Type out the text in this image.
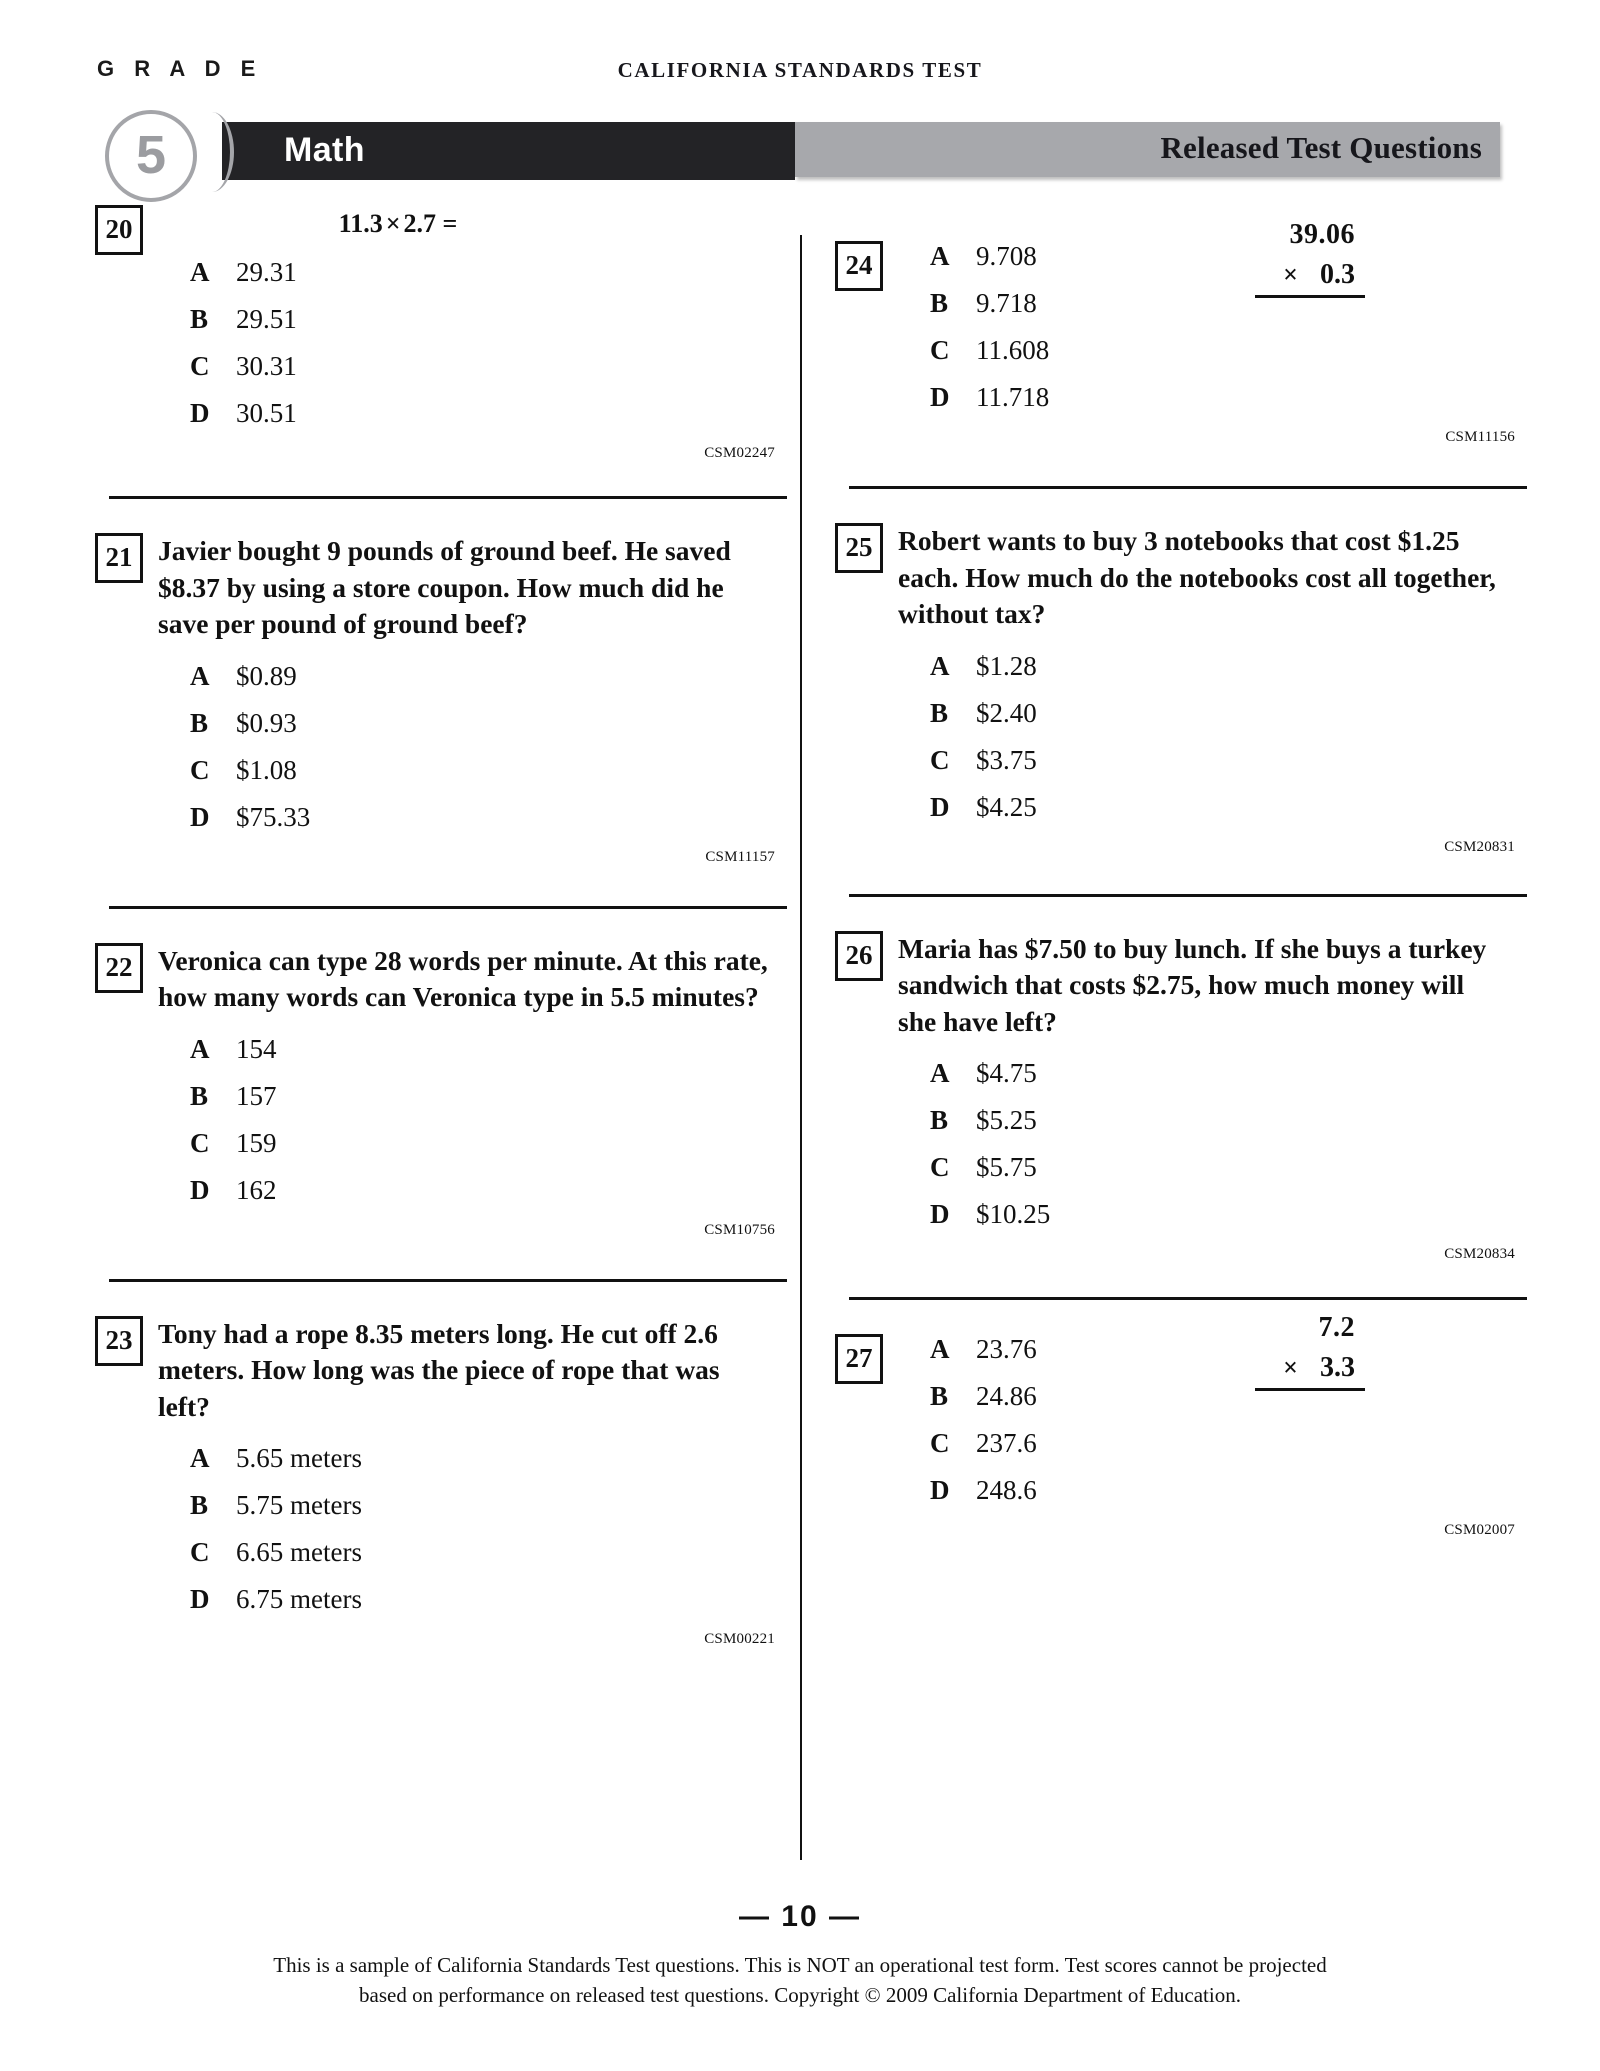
G R A D E	CALIFORNIA STANDARDS TEST
Math	Released Test Questions
5
20	11.3 × 2.7 =
A 29.31
B	29.51
C 30.31
D 30.51
CSM02247
21 Javier bought 9 pounds of ground beef. He saved $8.37 by using a store coupon. How much did he save per pound of ground beef?
A $0.89
B	$0.93
C $1.08
D $75.33
CSM11157
22 Veronica can type 28 words per minute. At this rate, how many words can Veronica type in 5.5 minutes?
A 154
B	157
C 159
D 162
CSM10756
23 Tony had a rope 8.35 meters long. He cut off 2.6 meters. How long was the piece of rope that was left?
A 5.65 meters
B	5.75 meters
C 6.65 meters
D 6.75 meters
CSM00221
24
39.06
× 0.3
A 9.708
B	9.718
C 11.608
D 11.718
CSM11156
25 Robert wants to buy 3 notebooks that cost $1.25 each. How much do the notebooks cost all together, without tax?
A $1.28
B	$2.40
C $3.75
D $4.25
CSM20831
26 Maria has $7.50 to buy lunch. If she buys a turkey sandwich that costs $2.75, how much money will she have left?
A $4.75
B	$5.25
C $5.75
D $10.25
CSM20834
27
7.2
× 3.3
A 23.76
B	24.86
C 237.6
D 248.6
CSM02007
— 10 —
This is a sample of California Standards Test questions. This is NOT an operational test form. Test scores cannot be projected
based on performance on released test questions. Copyright © 2009 California Department of Education.
